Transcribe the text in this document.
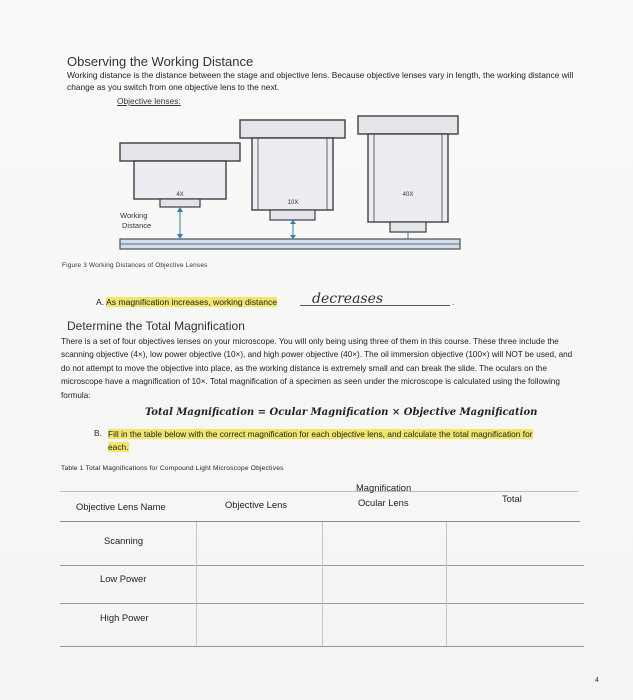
Observing the Working Distance
Working distance is the distance between the stage and objective lens. Because objective lenses vary in length, the working distance will change as you switch from one objective lens to the next.
Objective lenses:
4X
Working
Distance
10X
40X
Figure 3 Working Distances of Objective Lenses
A. As magnification increases, working distance decreases	.
Determine the Total Magnification
There is a set of four objectives lenses on your microscope. You will only being using three of them in this course. These three include the scanning objective (4×), low power objective (10×), and high power objective (40×). The oil immersion objective (100×) will NOT be used, and do not attempt to move the objective into place, as the working distance is extremely small and can break the slide. The oculars on the microscope have a magnification of 10×. Total magnification of a specimen as seen under the microscope is calculated using the following formula:
Total Magnification = Ocular Magnification × Objective Magnification
B. Fill in the table below with the correct magnification for each objective lens, and calculate the total magnification for each.
Table 1 Total Magnifications for Compound Light Microscope Objectives
Magnification
Objective Lens Name	Objective Lens	Ocular Lens	Total
Scanning
Low Power
High Power
4
